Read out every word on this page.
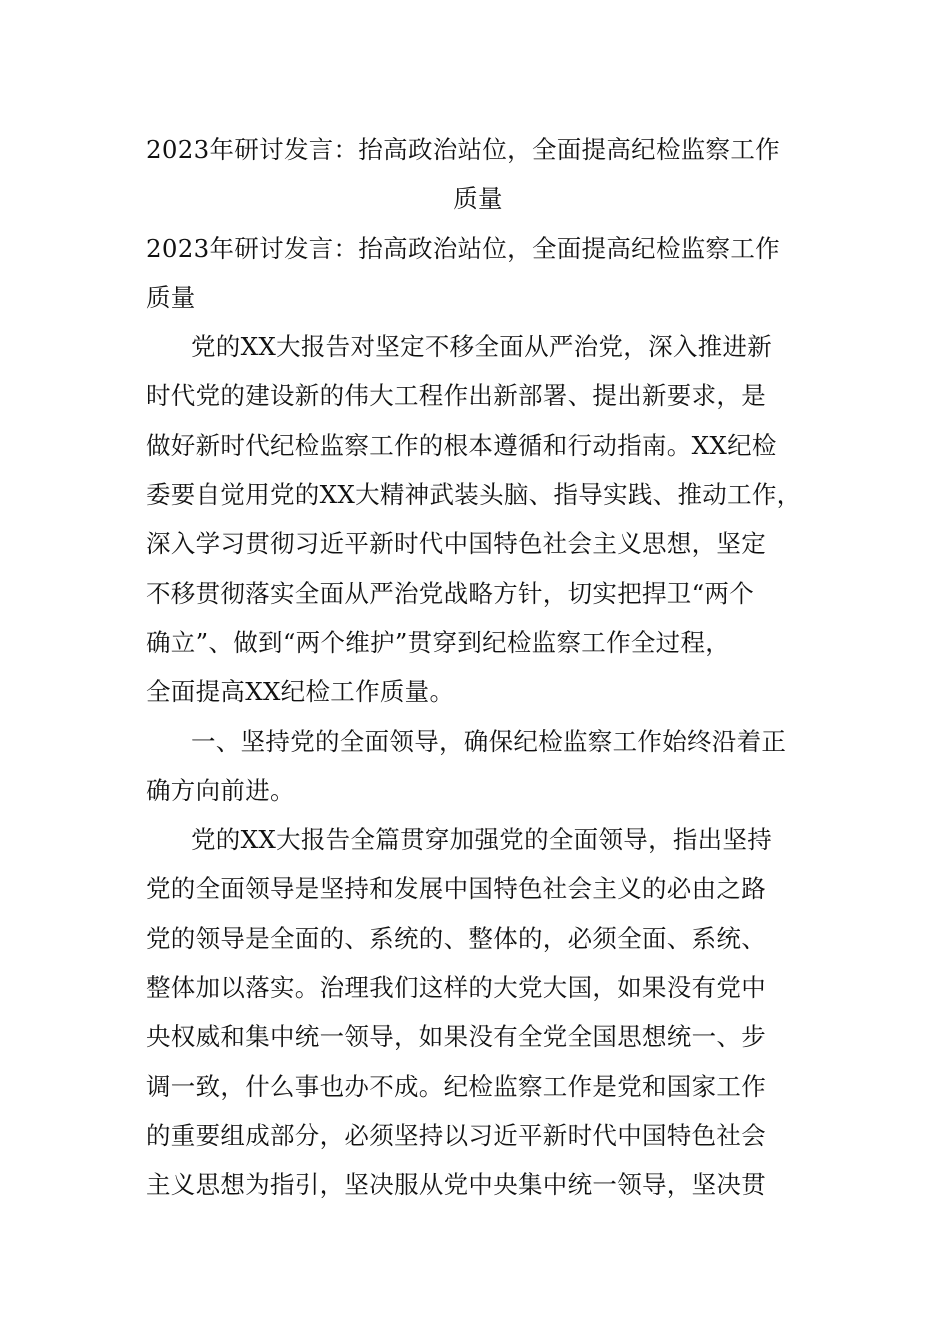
2023年研讨发言：抬高政治站位，全面提高纪检监察工作
质量
2023年研讨发言：抬高政治站位，全面提高纪检监察工作
质量
党的XX大报告对坚定不移全面从严治党，深入推进新
时代党的建设新的伟大工程作出新部署、提出新要求，是
做好新时代纪检监察工作的根本遵循和行动指南。XX纪检
委要自觉用党的XX大精神武装头脑、指导实践、推动工作，
深入学习贯彻习近平新时代中国特色社会主义思想，坚定
不移贯彻落实全面从严治党战略方针，切实把捍卫“两个
确立”、做到“两个维护”贯穿到纪检监察工作全过程，
全面提高XX纪检工作质量。
一、坚持党的全面领导，确保纪检监察工作始终沿着正
确方向前进。
党的XX大报告全篇贯穿加强党的全面领导，指出坚持
党的全面领导是坚持和发展中国特色社会主义的必由之路
党的领导是全面的、系统的、整体的，必须全面、系统、
整体加以落实。治理我们这样的大党大国，如果没有党中
央权威和集中统一领导，如果没有全党全国思想统一、步
调一致，什么事也办不成。纪检监察工作是党和国家工作
的重要组成部分，必须坚持以习近平新时代中国特色社会
主义思想为指引，坚决服从党中央集中统一领导，坚决贯
